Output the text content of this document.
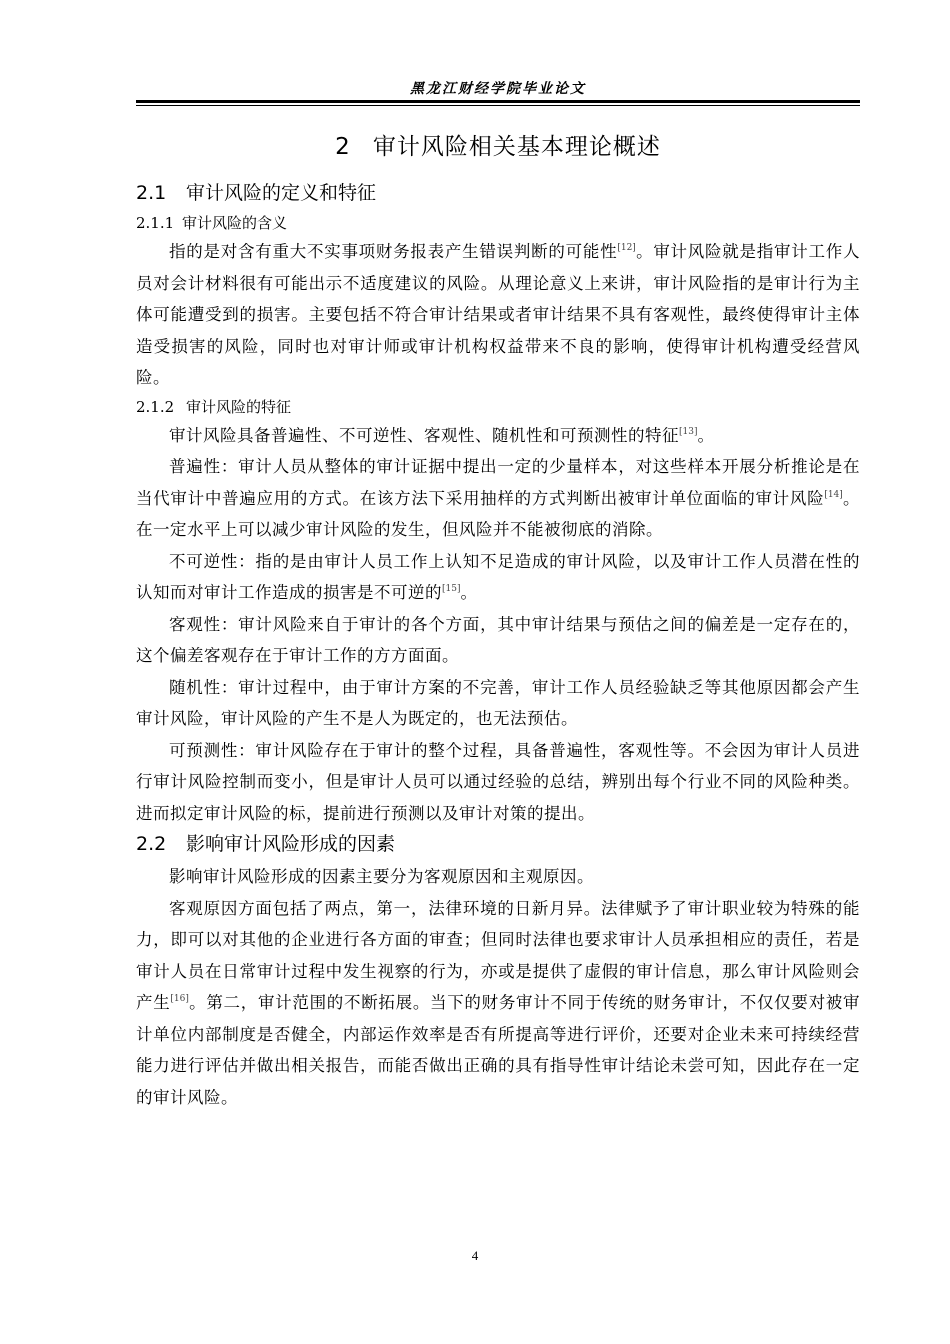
黑龙江财经学院毕业论文
2 审计风险相关基本理论概述
2.1 审计风险的定义和特征
2.1.1 审计风险的含义

指的是对含有重大不实事项财务报表产生错误判断的可能性[12]。审计风险就是指审计工作人员对会计材料很有可能出示不适度建议的风险。从理论意义上来讲，审计风险指的是审计行为主体可能遭受到的损害。主要包括不符合审计结果或者审计结果不具有客观性，最终使得审计主体造受损害的风险，同时也对审计师或审计机构权益带来不良的影响，使得审计机构遭受经营风险。

2.1.2 审计风险的特征

审计风险具备普遍性、不可逆性、客观性、随机性和可预测性的特征[13]。

普遍性：审计人员从整体的审计证据中提出一定的少量样本，对这些样本开展分析推论是在当代审计中普遍应用的方式。在该方法下采用抽样的方式判断出被审计单位面临的审计风险[14]。在一定水平上可以减少审计风险的发生，但风险并不能被彻底的消除。

不可逆性：指的是由审计人员工作上认知不足造成的审计风险，以及审计工作人员潜在性的认知而对审计工作造成的损害是不可逆的[15]。

客观性：审计风险来自于审计的各个方面，其中审计结果与预估之间的偏差是一定存在的，这个偏差客观存在于审计工作的方方面面。

随机性：审计过程中，由于审计方案的不完善，审计工作人员经验缺乏等其他原因都会产生审计风险，审计风险的产生不是人为既定的，也无法预估。

可预测性：审计风险存在于审计的整个过程，具备普遍性，客观性等。不会因为审计人员进行审计风险控制而变小，但是审计人员可以通过经验的总结，辨别出每个行业不同的风险种类。进而拟定审计风险的标，提前进行预测以及审计对策的提出。

2.2 影响审计风险形成的因素

影响审计风险形成的因素主要分为客观原因和主观原因。

客观原因方面包括了两点，第一，法律环境的日新月异。法律赋予了审计职业较为特殊的能力，即可以对其他的企业进行各方面的审查；但同时法律也要求审计人员承担相应的责任，若是审计人员在日常审计过程中发生视察的行为，亦或是提供了虚假的审计信息，那么审计风险则会产生[16]。第二，审计范围的不断拓展。当下的财务审计不同于传统的财务审计，不仅仅要对被审计单位内部制度是否健全，内部运作效率是否有所提高等进行评价，还要对企业未来可持续经营能力进行评估并做出相关报告，而能否做出正确的具有指导性审计结论未尝可知，因此存在一定的审计风险。

4
